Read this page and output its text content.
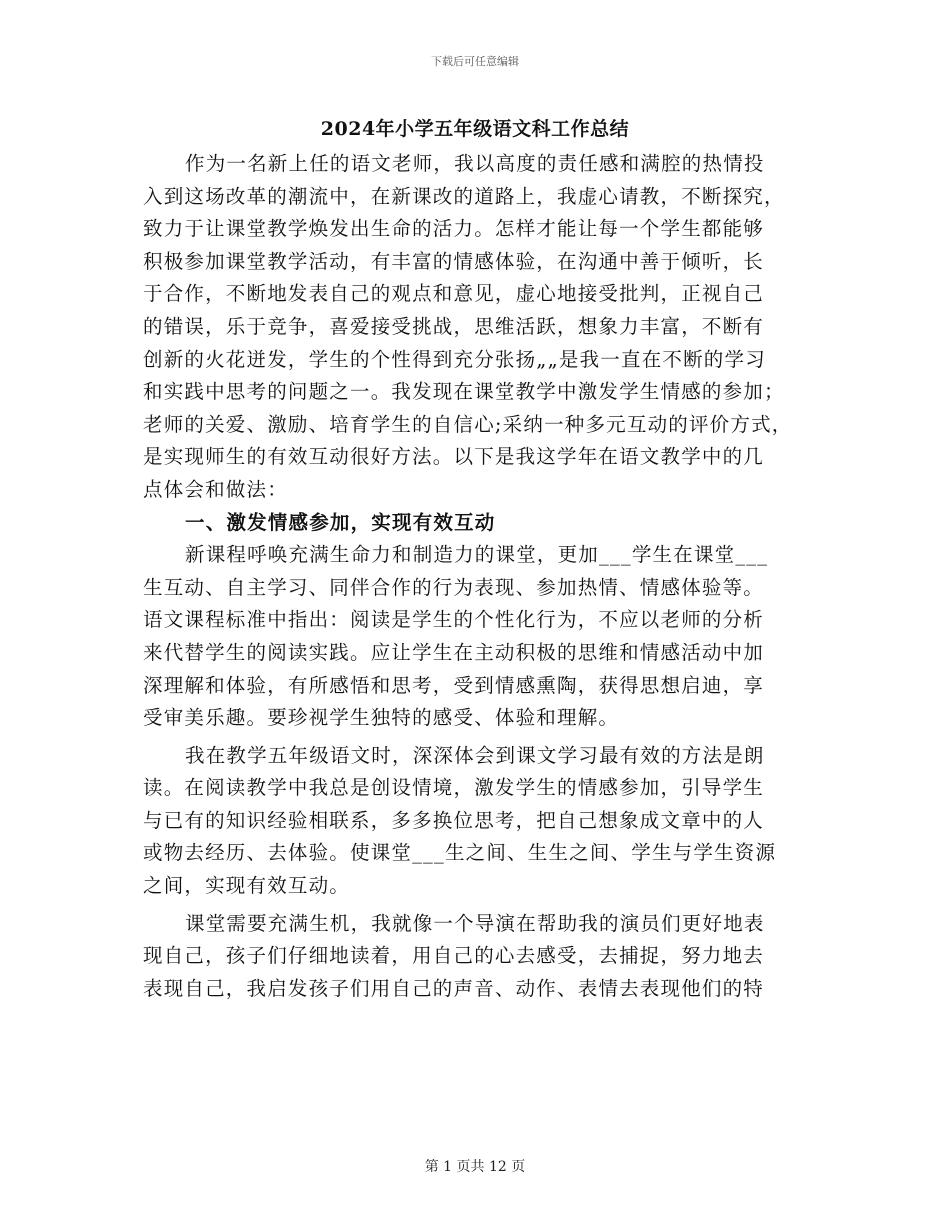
下载后可任意编辑
2024年小学五年级语文科工作总结
作为一名新上任的语文老师，我以高度的责任感和满腔的热情投
入到这场改革的潮流中，在新课改的道路上，我虚心请教，不断探究，
致力于让课堂教学焕发出生命的活力。怎样才能让每一个学生都能够
积极参加课堂教学活动，有丰富的情感体验，在沟通中善于倾听，长
于合作，不断地发表自己的观点和意见，虚心地接受批判，正视自己
的错误，乐于竞争，喜爱接受挑战，思维活跃，想象力丰富，不断有
创新的火花迸发，学生的个性得到充分张扬„„是我一直在不断的学习
和实践中思考的问题之一。我发现在课堂教学中激发学生情感的参加；
老师的关爱、激励、培育学生的自信心;采纳一种多元互动的评价方式，
是实现师生的有效互动很好方法。以下是我这学年在语文教学中的几
点体会和做法：
一、激发情感参加，实现有效互动
新课程呼唤充满生命力和制造力的课堂，更加___学生在课堂___
生互动、自主学习、同伴合作的行为表现、参加热情、情感体验等。
语文课程标准中指出：阅读是学生的个性化行为，不应以老师的分析
来代替学生的阅读实践。应让学生在主动积极的思维和情感活动中加
深理解和体验，有所感悟和思考，受到情感熏陶，获得思想启迪，享
受审美乐趣。要珍视学生独特的感受、体验和理解。
我在教学五年级语文时，深深体会到课文学习最有效的方法是朗
读。在阅读教学中我总是创设情境，激发学生的情感参加，引导学生
与已有的知识经验相联系，多多换位思考，把自己想象成文章中的人
或物去经历、去体验。使课堂___生之间、生生之间、学生与学生资源
之间，实现有效互动。
课堂需要充满生机，我就像一个导演在帮助我的演员们更好地表
现自己，孩子们仔细地读着，用自己的心去感受，去捕捉，努力地去
表现自己，我启发孩子们用自己的声音、动作、表情去表现他们的特
第 1 页共 12 页
